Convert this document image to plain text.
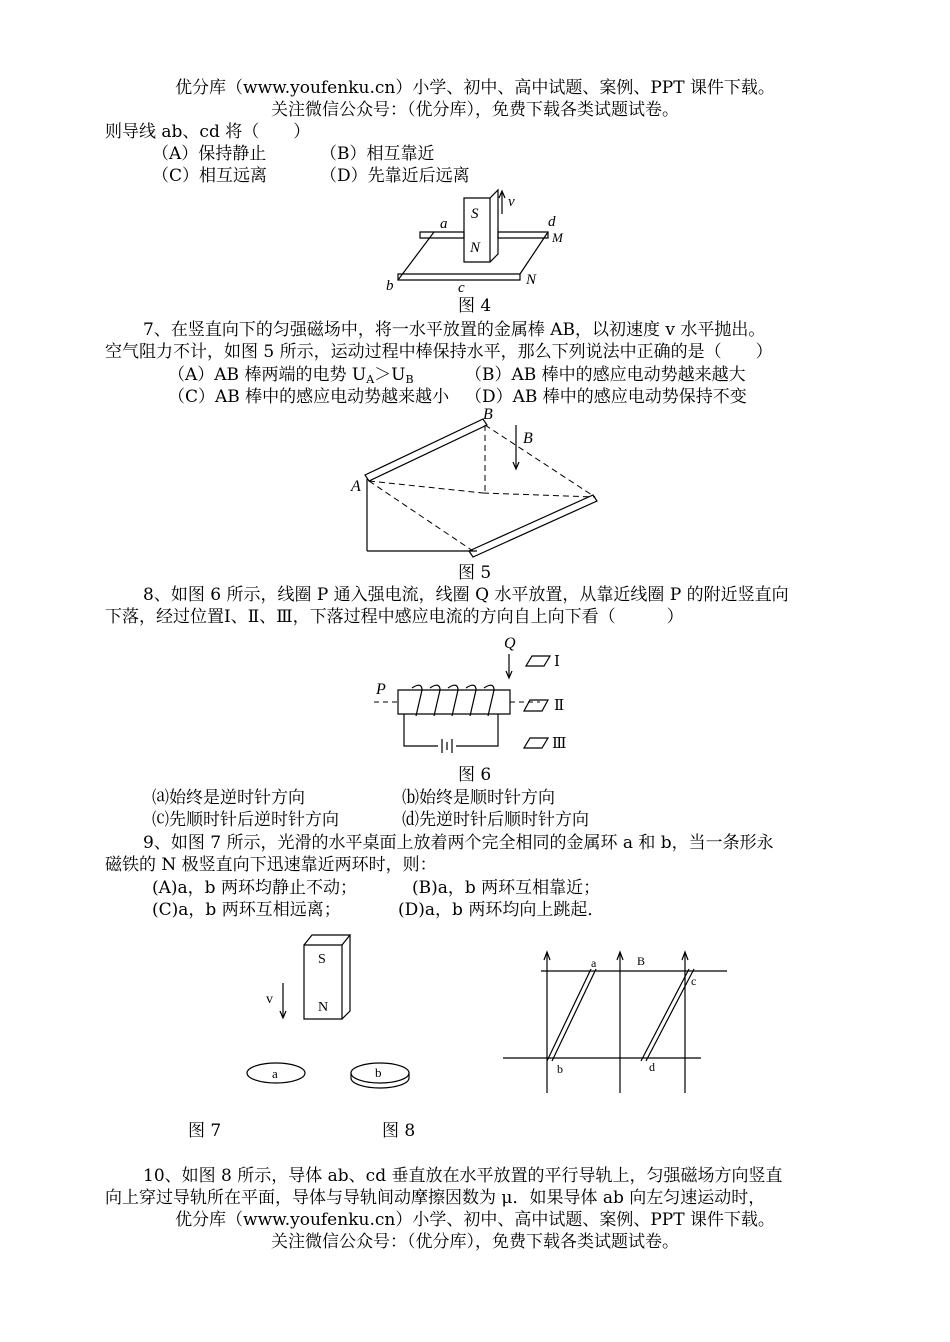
优分库（www.youfenku.cn）小学、初中、高中试题、案例、PPT 课件下载。
关注微信公众号：（优分库），免费下载各类试题试卷。
则导线 ab、cd 将（　　）
（A）保持静止	（B）相互靠近
（C）相互远离	（D）先靠近后远离
a
b	c
d
S
N
N
M
v
图 4
7、在竖直向下的匀强磁场中，将一水平放置的金属棒 AB，以初速度 v 水平抛出。
空气阻力不计，如图 5 所示，运动过程中棒保持水平，那么下列说法中正确的是（　　）
（A）AB 棒两端的电势 $U_A>U_B$	（B）AB 棒中的感应电动势越来越大
（C）AB 棒中的感应电动势越来越小 （D）AB 棒中的感应电动势保持不变
A
B
B
图 5
8、如图 6 所示，线圈 P 通入强电流，线圈 Q 水平放置，从靠近线圈 P 的附近竖直向
下落，经过位置Ⅰ、Ⅱ、Ⅲ，下落过程中感应电流的方向自上向下看（　　　）
P
Q
Ⅰ
Ⅱ
Ⅲ
图 6
⒜始终是逆时针方向	⒝始终是顺时针方向
⒞先顺时针后逆时针方向	⒟先逆时针后顺时针方向
9、如图 7 所示，光滑的水平桌面上放着两个完全相同的金属环 a 和 b，当一条形永
磁铁的 N 极竖直向下迅速靠近两环时，则：
(A)a，b 两环均静止不动；	(B)a，b 两环互相靠近；
(C)a，b 两环互相远离；	(D)a，b 两环均向上跳起．
S
N
v
a	b
a
b
c
d
B
图 7	图 8
10、如图 8 所示，导体 ab、cd 垂直放在水平放置的平行导轨上，匀强磁场方向竖直
向上穿过导轨所在平面，导体与导轨间动摩擦因数为 μ．如果导体 ab 向左匀速运动时，
优分库（www.youfenku.cn）小学、初中、高中试题、案例、PPT 课件下载。
关注微信公众号：（优分库），免费下载各类试题试卷。
